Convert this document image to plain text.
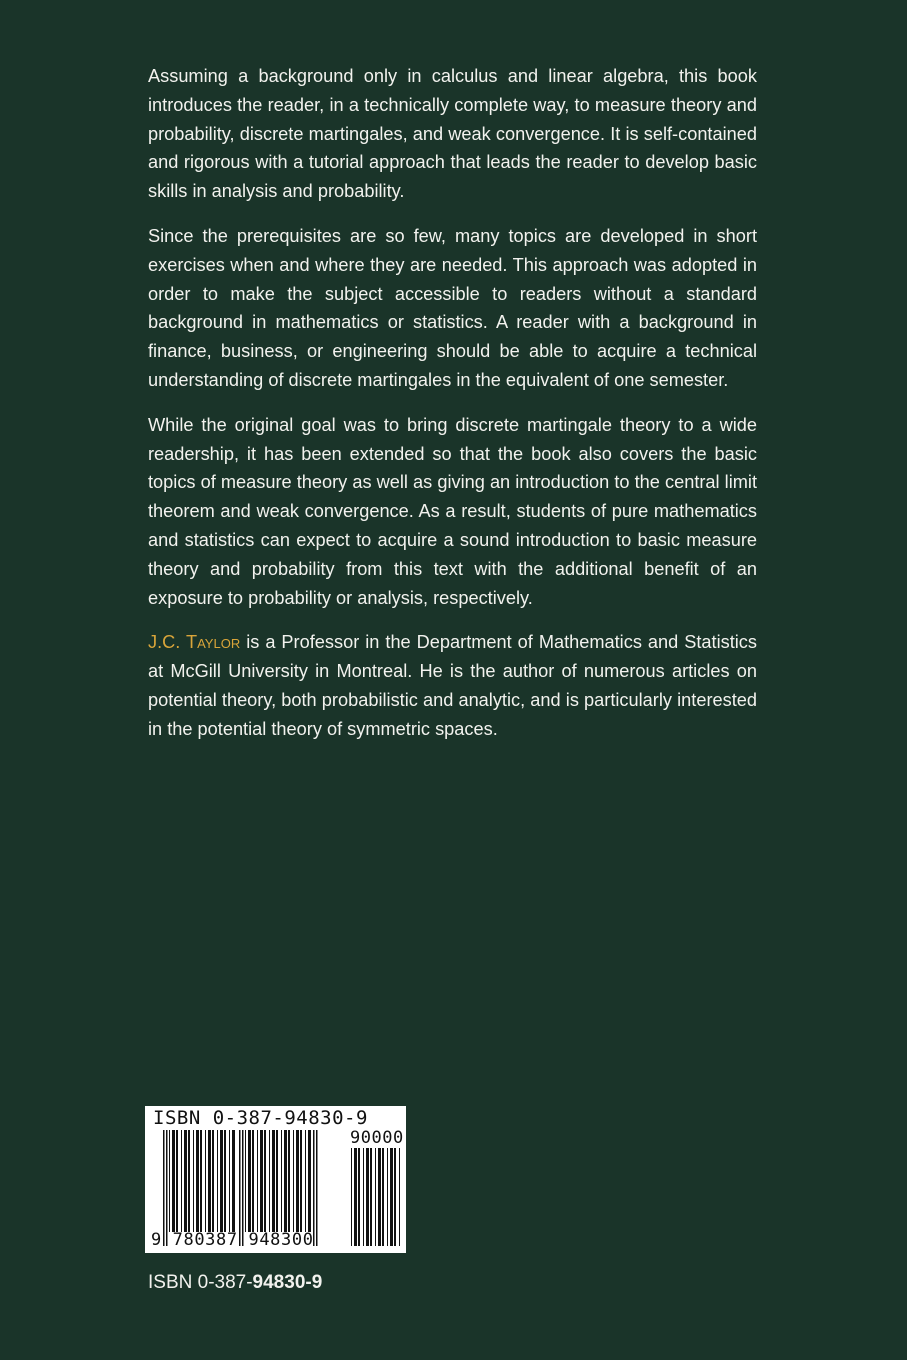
Assuming a background only in calculus and linear algebra, this book introduces the reader, in a technically complete way, to measure theory and probability, discrete martingales, and weak convergence. It is self-contained and rigorous with a tutorial approach that leads the reader to develop basic skills in analysis and probability.

Since the prerequisites are so few, many topics are developed in short exercises when and where they are needed. This approach was adopted in order to make the subject accessible to readers without a standard background in mathematics or statistics. A reader with a background in finance, business, or engineering should be able to acquire a technical understanding of discrete martingales in the equivalent of one semester.

While the original goal was to bring discrete martingale theory to a wide readership, it has been extended so that the book also covers the basic topics of measure theory as well as giving an introduction to the central limit theorem and weak convergence. As a result, students of pure mathematics and statistics can expect to acquire a sound introduction to basic measure theory and probability from this text with the additional benefit of an exposure to probability or analysis, respectively.

J.C. Taylor is a Professor in the Department of Mathematics and Statistics at McGill University in Montreal. He is the author of numerous articles on potential theory, both probabilistic and analytic, and is particularly interested in the potential theory of symmetric spaces.

ISBN 0-387-94830-9
90000
9 780387 948300
ISBN 0-387-94830-9
